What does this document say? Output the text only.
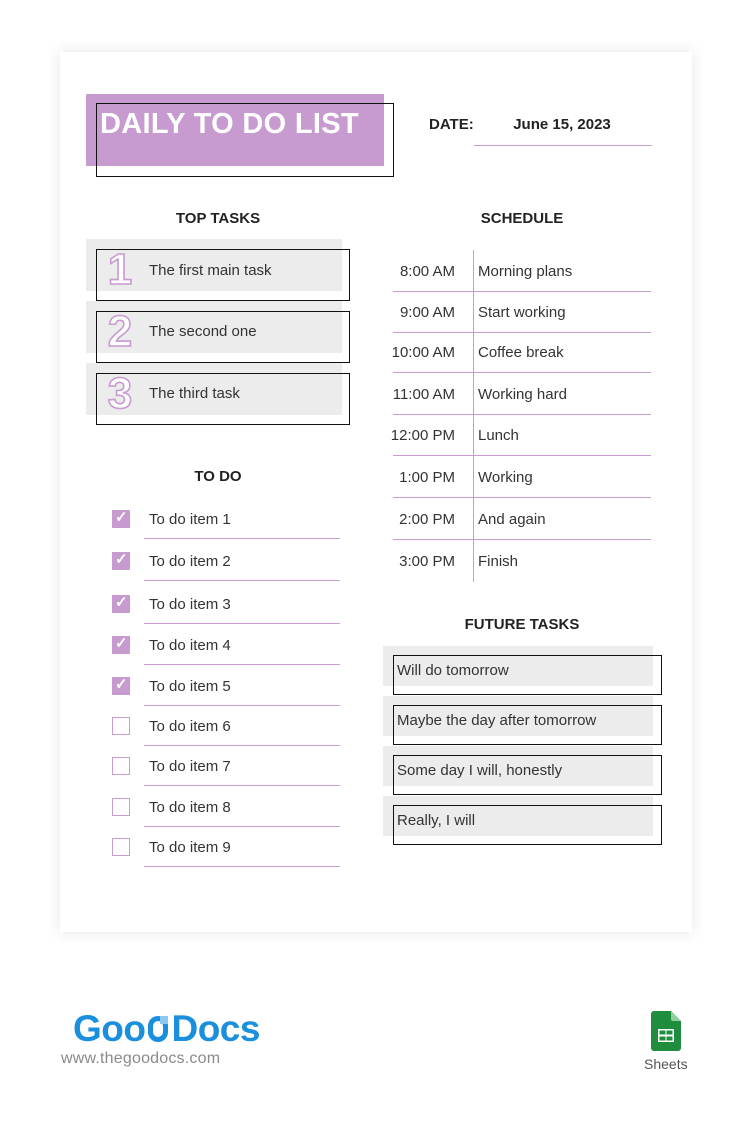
DAILY TO DO LIST	DATE:	June 15, 2023
TOP TASKS
1	The first main task
2	The second one
3	The third task
TO DO
✓ To do item 1
✓ To do item 2
✓ To do item 3
✓ To do item 4
✓ To do item 5
To do item 6
To do item 7
To do item 8
To do item 9
SCHEDULE
8:00 AM Morning plans
9:00 AM Start working
10:00 AM Coffee break
11:00 AM Working hard
12:00 PM Lunch
1:00 PM Working
2:00 PM And again
3:00 PM Finish
FUTURE TASKS
Will do tomorrow
Maybe the day after tomorrow
Some day I will, honestly
Really, I will
Goo Docs
www.thegoodocs.com	Sheets
